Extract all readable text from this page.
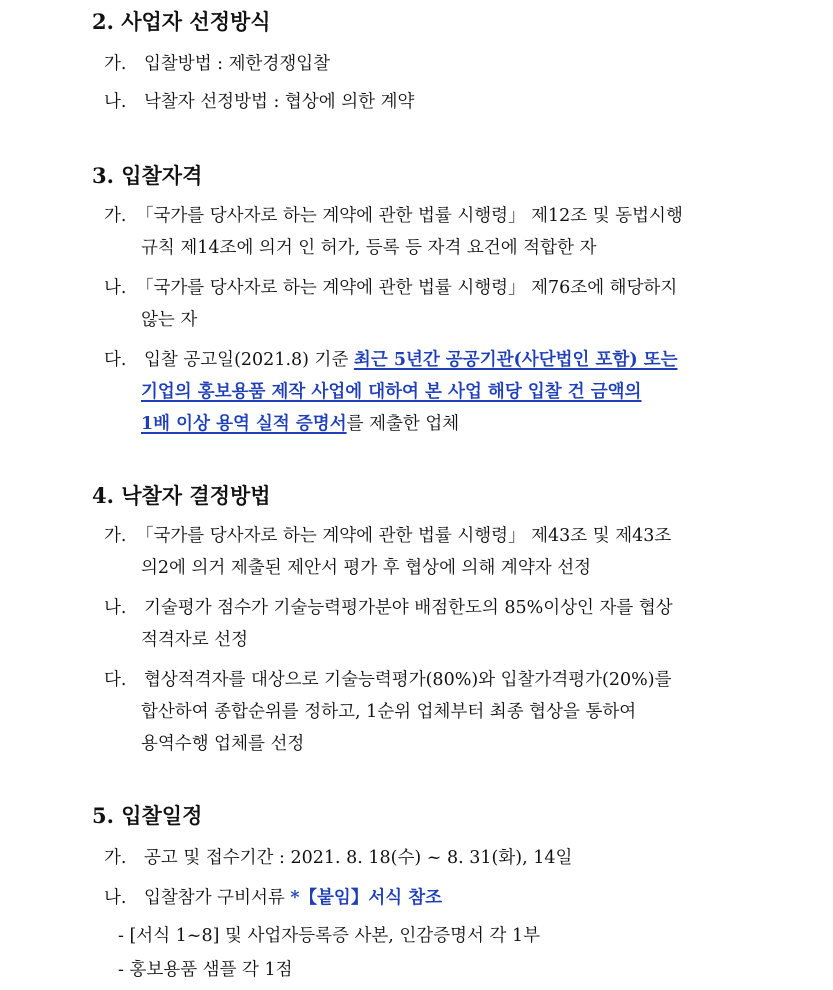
2. 사업자 선정방식
가. 입찰방법 : 제한경쟁입찰
나. 낙찰자 선정방법 : 협상에 의한 계약
3. 입찰자격
가. 「국가를 당사자로 하는 계약에 관한 법률 시행령」 제12조 및 동법시행
규칙 제14조에 의거 인 허가, 등록 등 자격 요건에 적합한 자
나. 「국가를 당사자로 하는 계약에 관한 법률 시행령」 제76조에 해당하지
않는 자
다. 입찰 공고일(2021.8) 기준 최근 5년간 공공기관(사단법인 포함) 또는
기업의 홍보용품 제작 사업에 대하여 본 사업 해당 입찰 건 금액의
1배 이상 용역 실적 증명서를 제출한 업체
4. 낙찰자 결정방법
가. 「국가를 당사자로 하는 계약에 관한 법률 시행령」 제43조 및 제43조
의2에 의거 제출된 제안서 평가 후 협상에 의해 계약자 선정
나. 기술평가 점수가 기술능력평가분야 배점한도의 85%이상인 자를 협상
적격자로 선정
다. 협상적격자를 대상으로 기술능력평가(80%)와 입찰가격평가(20%)를
합산하여 종합순위를 정하고, 1순위 업체부터 최종 협상을 통하여
용역수행 업체를 선정
5. 입찰일정
가. 공고 및 접수기간 : 2021. 8. 18(수) ~ 8. 31(화), 14일
나. 입찰참가 구비서류 *【붙임】서식 참조
- [서식 1~8] 및 사업자등록증 사본, 인감증명서 각 1부
- 홍보용품 샘플 각 1점
